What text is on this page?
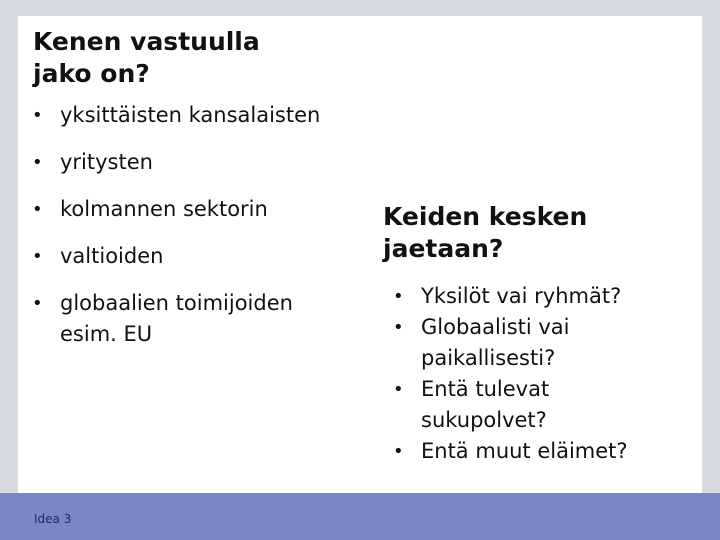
Idea 3
Kenen vastuulla
jako on?
• yksittäisten kansalaisten
• yritysten
• kolmannen sektorin
• valtioiden
• globaalien toimijoiden esim. EU
Keiden kesken
jaetaan?
• Yksilöt vai ryhmät?
• Globaalisti vai paikallisesti?
• Entä tulevat sukupolvet?
• Entä muut eläimet?
